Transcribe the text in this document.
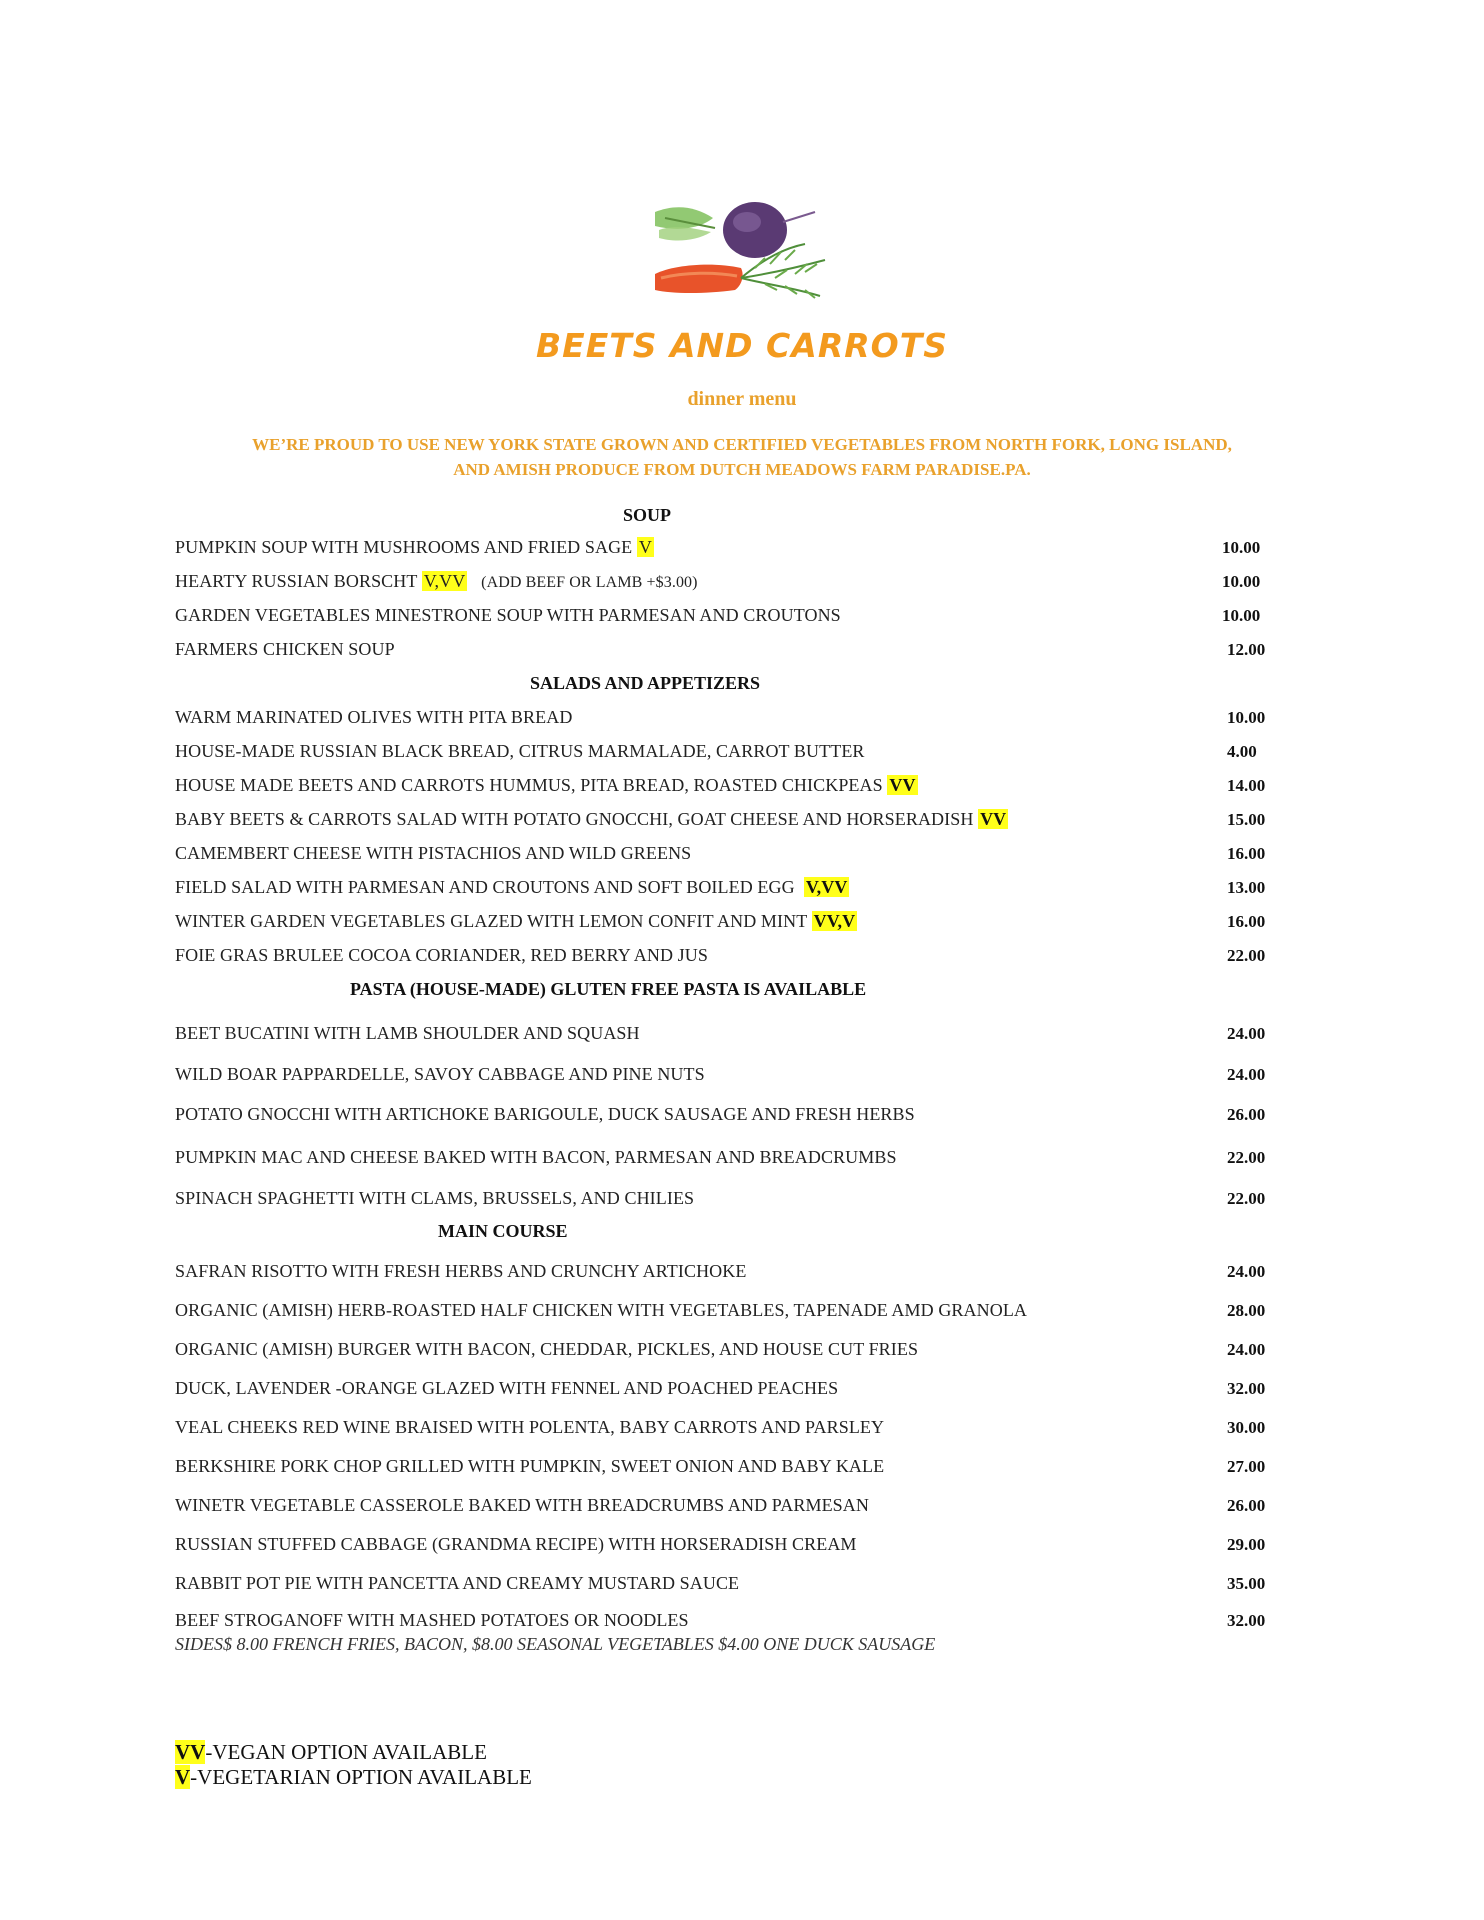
BEETS AND CARROTS
dinner menu
WE’RE PROUD TO USE NEW YORK STATE GROWN AND CERTIFIED VEGETABLES FROM NORTH FORK, LONG ISLAND,
AND AMISH PRODUCE FROM DUTCH MEADOWS FARM PARADISE.PA.
SOUP
PUMPKIN SOUP WITH MUSHROOMS AND FRIED SAGE V	10.00
HEARTY RUSSIAN BORSCHT V,VV (ADD BEEF OR LAMB +$3.00)	10.00
GARDEN VEGETABLES MINESTRONE SOUP WITH PARMESAN AND CROUTONS	10.00
FARMERS CHICKEN SOUP	12.00
SALADS AND APPETIZERS
WARM MARINATED OLIVES WITH PITA BREAD	10.00
HOUSE-MADE RUSSIAN BLACK BREAD, CITRUS MARMALADE, CARROT BUTTER	4.00
HOUSE MADE BEETS AND CARROTS HUMMUS, PITA BREAD, ROASTED CHICKPEAS VV	14.00
BABY BEETS & CARROTS SALAD WITH POTATO GNOCCHI, GOAT CHEESE AND HORSERADISH VV	15.00
CAMEMBERT CHEESE WITH PISTACHIOS AND WILD GREENS	16.00
FIELD SALAD WITH PARMESAN AND CROUTONS AND SOFT BOILED EGG V,VV	13.00
WINTER GARDEN VEGETABLES GLAZED WITH LEMON CONFIT AND MINT VV,V	16.00
FOIE GRAS BRULEE COCOA CORIANDER, RED BERRY AND JUS	22.00
PASTA (HOUSE-MADE) GLUTEN FREE PASTA IS AVAILABLE
BEET BUCATINI WITH LAMB SHOULDER AND SQUASH	24.00
WILD BOAR PAPPARDELLE, SAVOY CABBAGE AND PINE NUTS	24.00
POTATO GNOCCHI WITH ARTICHOKE BARIGOULE, DUCK SAUSAGE AND FRESH HERBS	26.00
PUMPKIN MAC AND CHEESE BAKED WITH BACON, PARMESAN AND BREADCRUMBS	22.00
SPINACH SPAGHETTI WITH CLAMS, BRUSSELS, AND CHILIES	22.00
MAIN COURSE
SAFRAN RISOTTO WITH FRESH HERBS AND CRUNCHY ARTICHOKE	24.00
ORGANIC (AMISH) HERB-ROASTED HALF CHICKEN WITH VEGETABLES, TAPENADE AMD GRANOLA	28.00
ORGANIC (AMISH) BURGER WITH BACON, CHEDDAR, PICKLES, AND HOUSE CUT FRIES	24.00
DUCK, LAVENDER -ORANGE GLAZED WITH FENNEL AND POACHED PEACHES	32.00
VEAL CHEEKS RED WINE BRAISED WITH POLENTA, BABY CARROTS AND PARSLEY	30.00
BERKSHIRE PORK CHOP GRILLED WITH PUMPKIN, SWEET ONION AND BABY KALE	27.00
WINETR VEGETABLE CASSEROLE BAKED WITH BREADCRUMBS AND PARMESAN	26.00
RUSSIAN STUFFED CABBAGE (GRANDMA RECIPE) WITH HORSERADISH CREAM	29.00
RABBIT POT PIE WITH PANCETTA AND CREAMY MUSTARD SAUCE	35.00
BEEF STROGANOFF WITH MASHED POTATOES OR NOODLES	32.00
SIDES$ 8.00 FRENCH FRIES, BACON, $8.00 SEASONAL VEGETABLES $4.00 ONE DUCK SAUSAGE
VV-VEGAN OPTION AVAILABLE
V-VEGETARIAN OPTION AVAILABLE
